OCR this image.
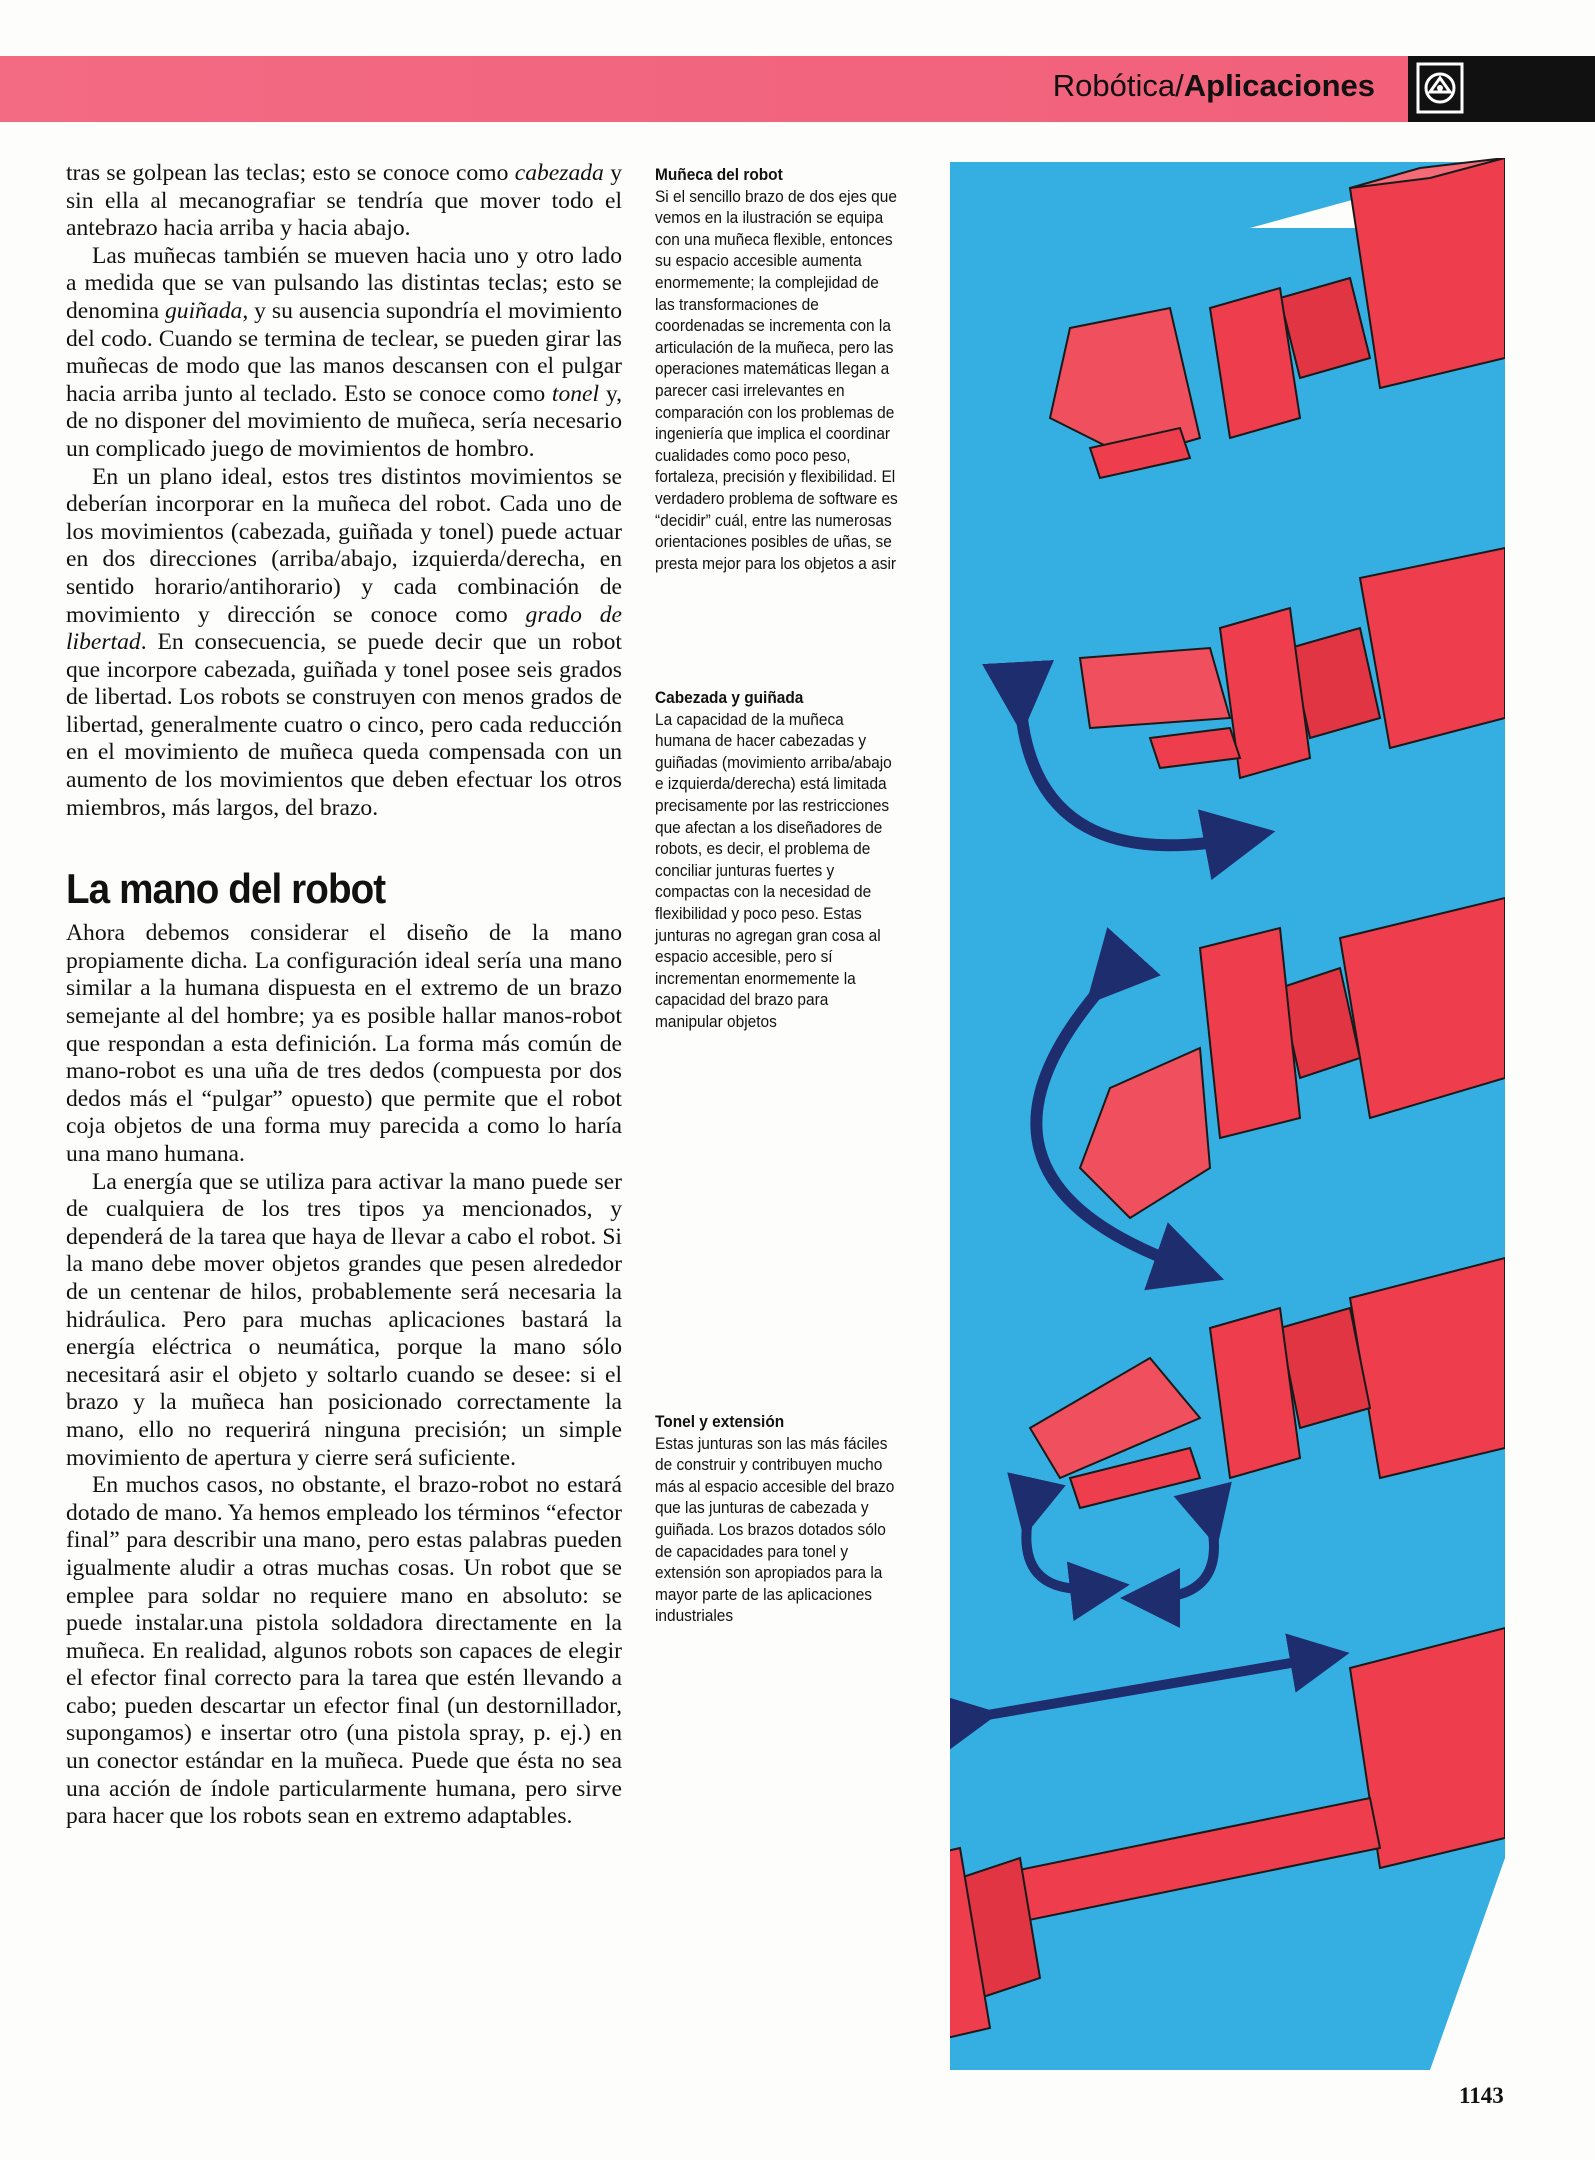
Robótica/Aplicaciones

tras se golpean las teclas; esto se conoce como cabezada y sin ella al mecanografiar se tendría que mover todo el antebrazo hacia arriba y hacia abajo.

Las muñecas también se mueven hacia uno y otro lado a medida que se van pulsando las distintas teclas; esto se denomina guiñada, y su ausencia supondría el movimiento del codo. Cuando se termina de teclear, se pueden girar las muñecas de modo que las manos descansen con el pulgar hacia arriba junto al teclado. Esto se conoce como tonel y, de no disponer del movimiento de muñeca, sería necesario un complicado juego de movimientos de hombro.

En un plano ideal, estos tres distintos movimientos se deberían incorporar en la muñeca del robot. Cada uno de los movimientos (cabezada, guiñada y tonel) puede actuar en dos direcciones (arriba/abajo, izquierda/derecha, en sentido horario/antihorario) y cada combinación de movimiento y dirección se conoce como grado de libertad. En consecuencia, se puede decir que un robot que incorpore cabezada, guiñada y tonel posee seis grados de libertad. Los robots se construyen con menos grados de libertad, generalmente cuatro o cinco, pero cada reducción en el movimiento de muñeca queda compensada con un aumento de los movimientos que deben efectuar los otros miembros, más largos, del brazo.

La mano del robot

Ahora debemos considerar el diseño de la mano propiamente dicha. La configuración ideal sería una mano similar a la humana dispuesta en el extremo de un brazo semejante al del hombre; ya es posible hallar manos-robot que respondan a esta definición. La forma más común de mano-robot es una uña de tres dedos (compuesta por dos dedos más el “pulgar” opuesto) que permite que el robot coja objetos de una forma muy parecida a como lo haría una mano humana.

La energía que se utiliza para activar la mano puede ser de cualquiera de los tres tipos ya mencionados, y dependerá de la tarea que haya de llevar a cabo el robot. Si la mano debe mover objetos grandes que pesen alrededor de un centenar de hilos, probablemente será necesaria la hidráulica. Pero para muchas aplicaciones bastará la energía eléctrica o neumática, porque la mano sólo necesitará asir el objeto y soltarlo cuando se desee: si el brazo y la muñeca han posicionado correctamente la mano, ello no requerirá ninguna precisión; un simple movimiento de apertura y cierre será suficiente.

En muchos casos, no obstante, el brazo-robot no estará dotado de mano. Ya hemos empleado los términos “efector final” para describir una mano, pero estas palabras pueden igualmente aludir a otras muchas cosas. Un robot que se emplee para soldar no requiere mano en absoluto: se puede instalar.una pistola soldadora directamente en la muñeca. En realidad, algunos robots son capaces de elegir el efector final correcto para la tarea que estén llevando a cabo; pueden descartar un efector final (un destornillador, supongamos) e insertar otro (una pistola spray, p. ej.) en un conector estándar en la muñeca. Puede que ésta no sea una acción de índole particularmente humana, pero sirve para hacer que los robots sean en extremo adaptables.

Muñeca del robot
Si el sencillo brazo de dos ejes que vemos en la ilustración se equipa con una muñeca flexible, entonces su espacio accesible aumenta enormemente; la complejidad de las transformaciones de coordenadas se incrementa con la articulación de la muñeca, pero las operaciones matemáticas llegan a parecer casi irrelevantes en comparación con los problemas de ingeniería que implica el coordinar cualidades como poco peso, fortaleza, precisión y flexibilidad. El verdadero problema de software es “decidir” cuál, entre las numerosas orientaciones posibles de uñas, se presta mejor para los objetos a asir
Cabezada y guiñada
La capacidad de la muñeca humana de hacer cabezadas y guiñadas (movimiento arriba/abajo e izquierda/derecha) está limitada precisamente por las restricciones que afectan a los diseñadores de robots, es decir, el problema de conciliar junturas fuertes y compactas con la necesidad de flexibilidad y poco peso. Estas junturas no agregan gran cosa al espacio accesible, pero sí incrementan enormemente la capacidad del brazo para manipular objetos
Tonel y extensión
Estas junturas son las más fáciles de construir y contribuyen mucho más al espacio accesible del brazo que las junturas de cabezada y guiñada. Los brazos dotados sólo de capacidades para tonel y extensión son apropiados para la mayor parte de las aplicaciones industriales
1143
